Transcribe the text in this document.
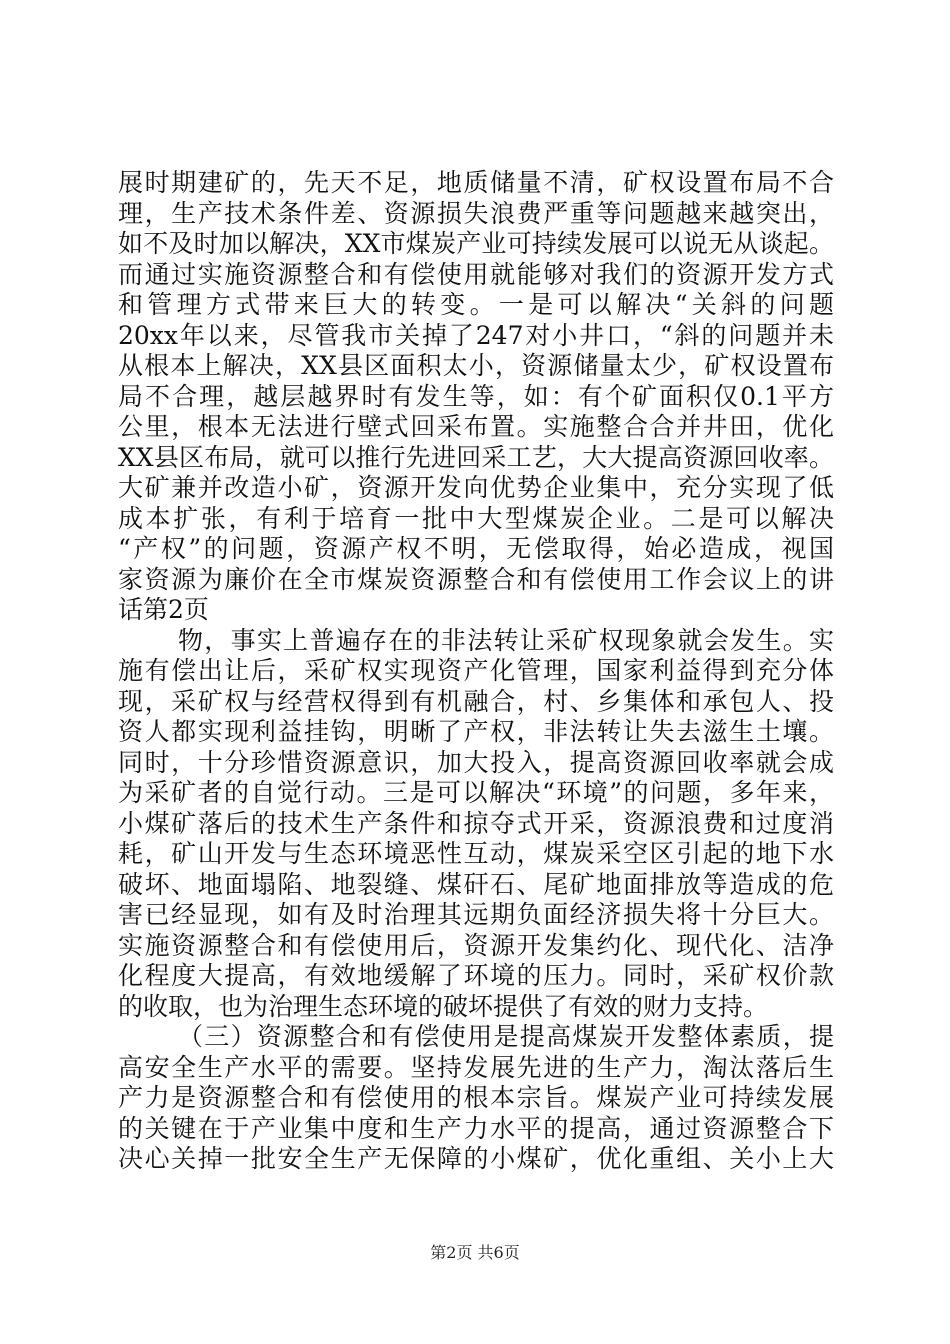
展时期建矿的，先天不足，地质储量不清，矿权设置布局不合
理，生产技术条件差、资源损失浪费严重等问题越来越突出，
如不及时加以解决，XX市煤炭产业可持续发展可以说无从谈起。
而通过实施资源整合和有偿使用就能够对我们的资源开发方式
和管理方式带来巨大的转变。一是可以解决“关斜的问题
20xx年以来，尽管我市关掉了247对小井口，“斜的问题并未
从根本上解决，XX县区面积太小，资源储量太少，矿权设置布
局不合理，越层越界时有发生等，如：有个矿面积仅0.1平方
公里，根本无法进行壁式回采布置。实施整合合并井田，优化
XX县区布局，就可以推行先进回采工艺，大大提高资源回收率。
大矿兼并改造小矿，资源开发向优势企业集中，充分实现了低
成本扩张，有利于培育一批中大型煤炭企业。二是可以解决
“产权”的问题，资源产权不明，无偿取得，始必造成，视国
家资源为廉价在全市煤炭资源整合和有偿使用工作会议上的讲
话第2页
物，事实上普遍存在的非法转让采矿权现象就会发生。实
施有偿出让后，采矿权实现资产化管理，国家利益得到充分体
现，采矿权与经营权得到有机融合，村、乡集体和承包人、投
资人都实现利益挂钩，明晰了产权，非法转让失去滋生土壤。
同时，十分珍惜资源意识，加大投入，提高资源回收率就会成
为采矿者的自觉行动。三是可以解决“环境”的问题，多年来，
小煤矿落后的技术生产条件和掠夺式开采，资源浪费和过度消
耗，矿山开发与生态环境恶性互动，煤炭采空区引起的地下水
破坏、地面塌陷、地裂缝、煤矸石、尾矿地面排放等造成的危
害已经显现，如有及时治理其远期负面经济损失将十分巨大。
实施资源整合和有偿使用后，资源开发集约化、现代化、洁净
化程度大提高，有效地缓解了环境的压力。同时，采矿权价款
的收取，也为治理生态环境的破坏提供了有效的财力支持。
（三）资源整合和有偿使用是提高煤炭开发整体素质，提
高安全生产水平的需要。坚持发展先进的生产力，淘汰落后生
产力是资源整合和有偿使用的根本宗旨。煤炭产业可持续发展
的关键在于产业集中度和生产力水平的提高，通过资源整合下
决心关掉一批安全生产无保障的小煤矿，优化重组、关小上大
第2页 共6页
